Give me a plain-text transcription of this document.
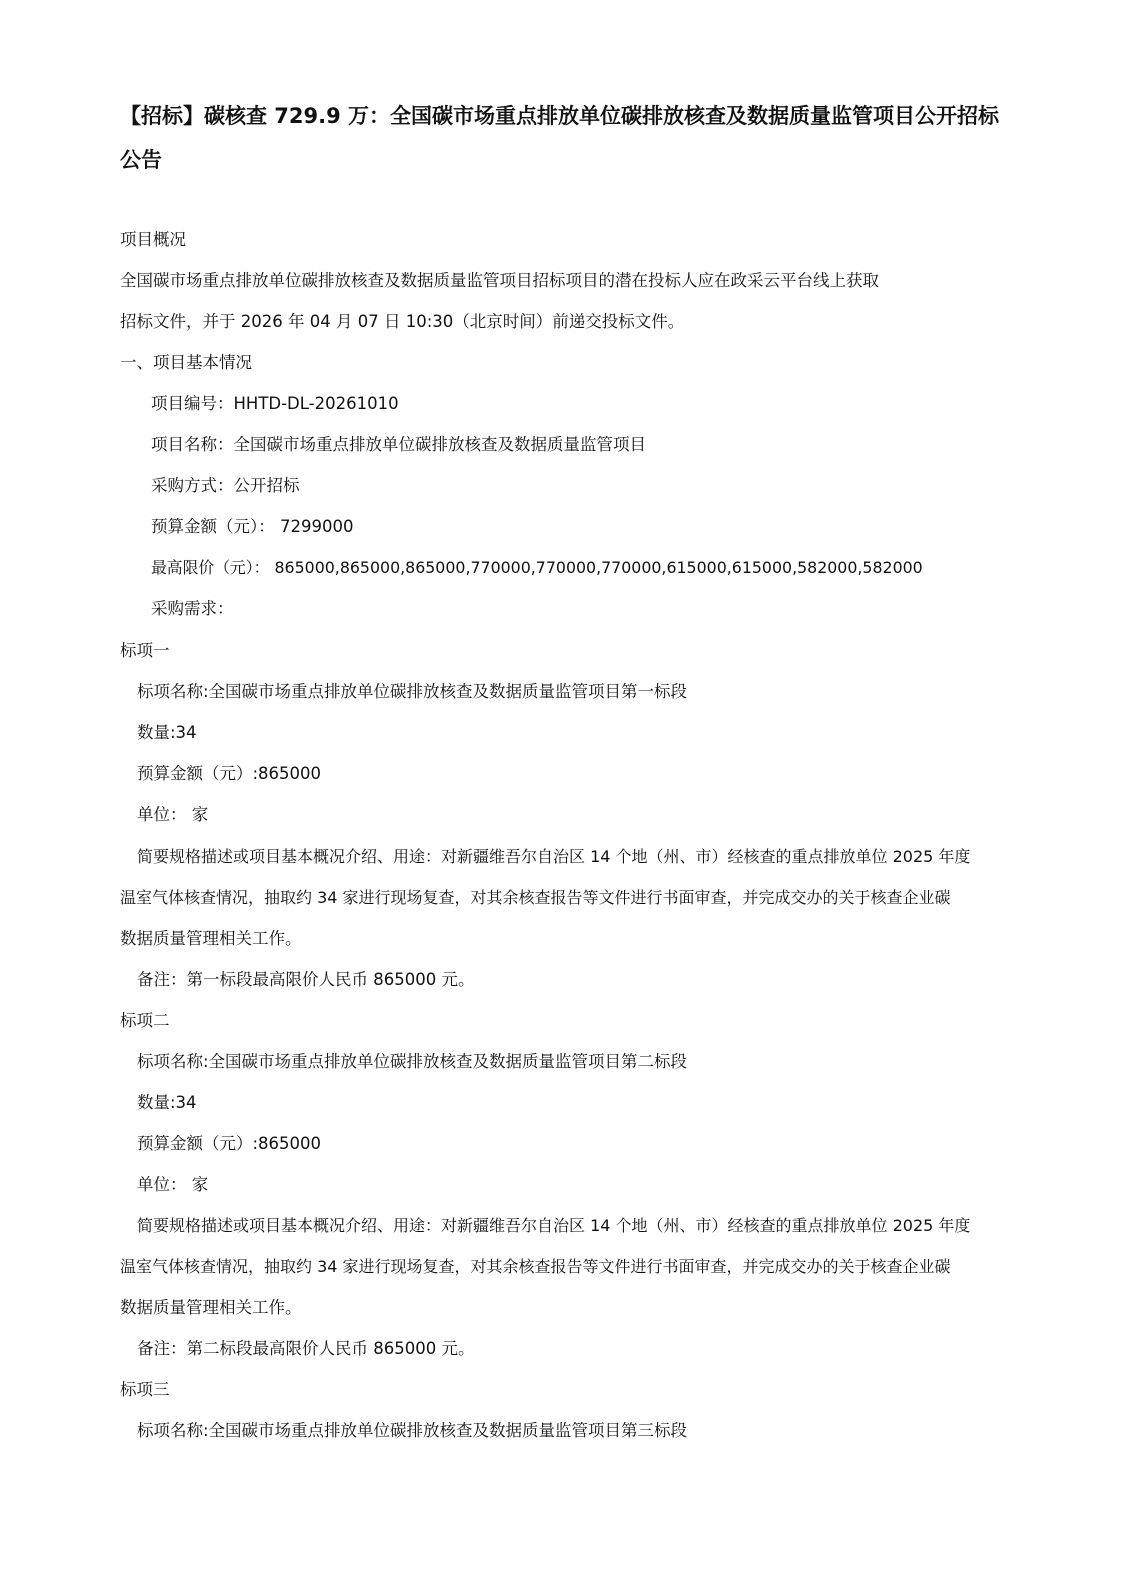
【招标】碳核查 729.9 万：全国碳市场重点排放单位碳排放核查及数据质量监管项目公开招标公告
项目概况
全国碳市场重点排放单位碳排放核查及数据质量监管项目招标项目的潜在投标人应在政采云平台线上获取
招标文件，并于 2026 年 04 月 07 日 10:30（北京时间）前递交投标文件。
一、项目基本情况
项目编号：HHTD-DL-20261010
项目名称：全国碳市场重点排放单位碳排放核查及数据质量监管项目
采购方式：公开招标
预算金额（元）： 7299000
最高限价（元）： 865000,865000,865000,770000,770000,770000,615000,615000,582000,582000
采购需求：
标项一
标项名称:全国碳市场重点排放单位碳排放核查及数据质量监管项目第一标段
数量:34
预算金额（元）:865000
单位： 家
简要规格描述或项目基本概况介绍、用途：对新疆维吾尔自治区 14 个地（州、市）经核查的重点排放单位 2025 年度
温室气体核查情况，抽取约 34 家进行现场复查，对其余核查报告等文件进行书面审查，并完成交办的关于核查企业碳
数据质量管理相关工作。
备注：第一标段最高限价人民币 865000 元。
标项二
标项名称:全国碳市场重点排放单位碳排放核查及数据质量监管项目第二标段
数量:34
预算金额（元）:865000
单位： 家
简要规格描述或项目基本概况介绍、用途：对新疆维吾尔自治区 14 个地（州、市）经核查的重点排放单位 2025 年度
温室气体核查情况，抽取约 34 家进行现场复查，对其余核查报告等文件进行书面审查，并完成交办的关于核查企业碳
数据质量管理相关工作。
备注：第二标段最高限价人民币 865000 元。
标项三
标项名称:全国碳市场重点排放单位碳排放核查及数据质量监管项目第三标段
